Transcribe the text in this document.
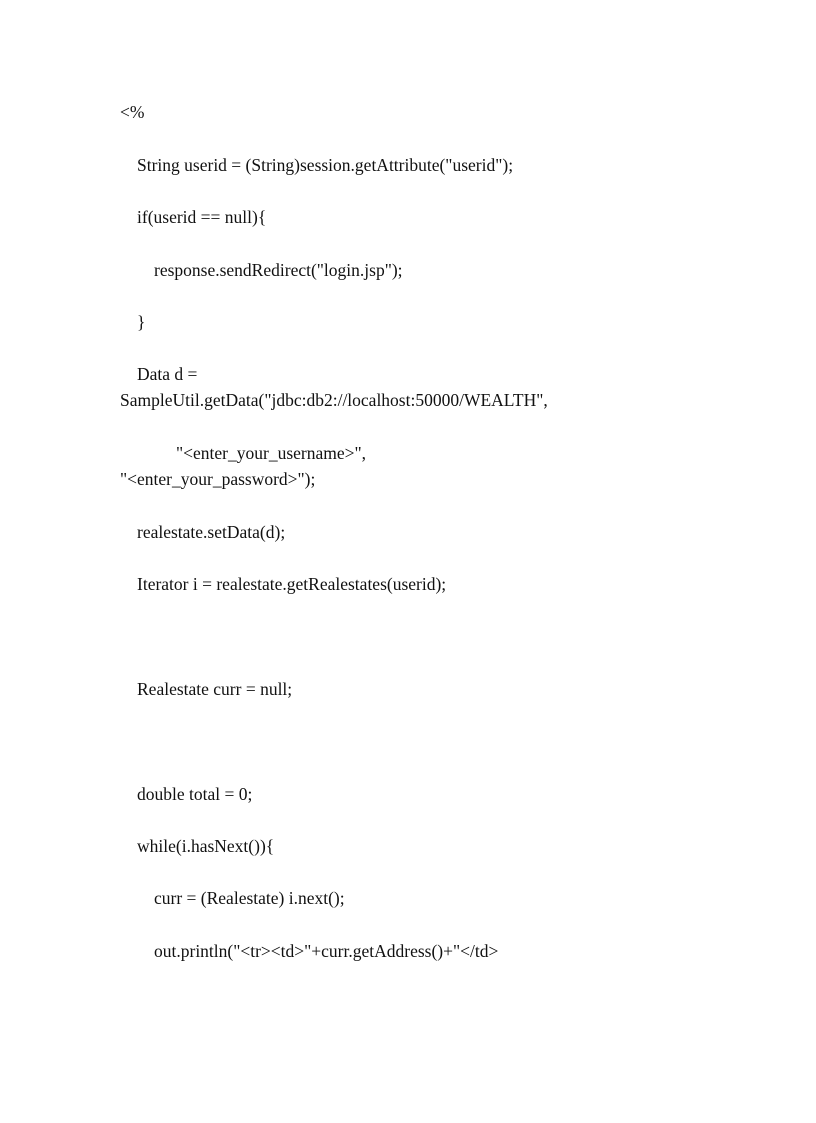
<%
String userid = (String)session.getAttribute("userid");
if(userid == null){
response.sendRedirect("login.jsp");
}
Data d =
SampleUtil.getData("jdbc:db2://localhost:50000/WEALTH",
"<enter_your_username>",
"<enter_your_password>");
realestate.setData(d);
Iterator i = realestate.getRealestates(userid);
Realestate curr = null;
double total = 0;
while(i.hasNext()){
curr = (Realestate) i.next();
out.println("<tr><td>"+curr.getAddress()+"</td>
